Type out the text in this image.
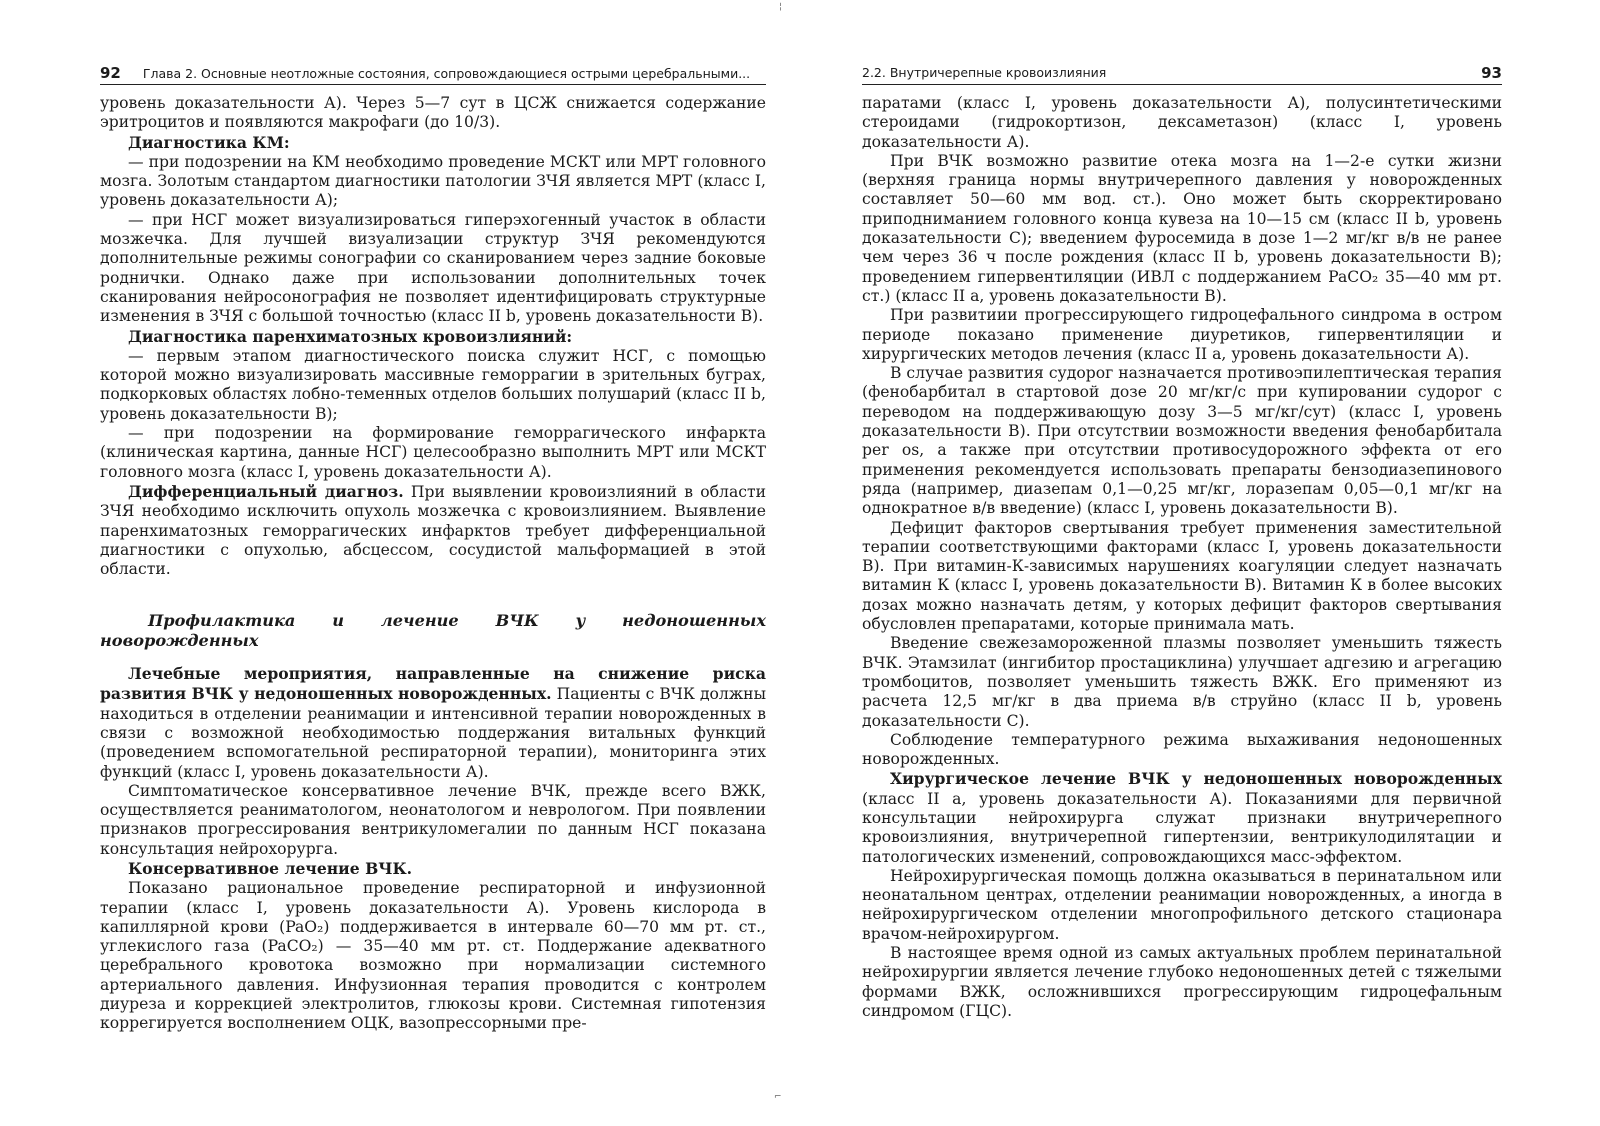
92 Глава 2. Основные неотложные состояния, сопровождающиеся острыми церебральными...

уровень доказательности А). Через 5—7 сут в ЦСЖ снижается содержание эритроцитов и появляются макрофаги (до 10/3).

Диагностика КМ:

— при подозрении на КМ необходимо проведение МСКТ или МРТ головного мозга. Золотым стандартом диагностики патологии ЗЧЯ является МРТ (класс I, уровень доказательности А);

— при НСГ может визуализироваться гиперэхогенный участок в области мозжечка. Для лучшей визуализации структур ЗЧЯ рекомендуются дополнительные режимы сонографии со сканированием через задние боковые роднички. Однако даже при использовании дополнительных точек сканирования нейросонография не позволяет идентифицировать структурные изменения в ЗЧЯ с большой точностью (класс II b, уровень доказательности В).

Диагностика паренхиматозных кровоизлияний:

— первым этапом диагностического поиска служит НСГ, с помощью которой можно визуализировать массивные геморрагии в зрительных буграх, подкорковых областях лобно-теменных отделов больших полушарий (класс II b, уровень доказательности В);

— при подозрении на формирование геморрагического инфаркта (клиническая картина, данные НСГ) целесообразно выполнить МРТ или МСКТ головного мозга (класс I, уровень доказательности А).

Дифференциальный диагноз. При выявлении кровоизлияний в области ЗЧЯ необходимо исключить опухоль мозжечка с кровоизлиянием. Выявление паренхиматозных геморрагических инфарктов требует дифференциальной диагностики с опухолью, абсцессом, сосудистой мальформацией в этой области.

Профилактика и лечение ВЧК у недоношенных новорожденных

Лечебные мероприятия, направленные на снижение риска развития ВЧК у недоношенных новорожденных. Пациенты с ВЧК должны находиться в отделении реанимации и интенсивной терапии новорожденных в связи с возможной необходимостью поддержания витальных функций (проведением вспомогательной респираторной терапии), мониторинга этих функций (класс I, уровень доказательности А).

Симптоматическое консервативное лечение ВЧК, прежде всего ВЖК, осуществляется реаниматологом, неонатологом и неврологом. При появлении признаков прогрессирования вентрикуломегалии по данным НСГ показана консультация нейрохорурга.

Консервативное лечение ВЧК.

Показано рациональное проведение респираторной и инфузионной терапии (класс I, уровень доказательности А). Уровень кислорода в капиллярной крови (PaO₂) поддерживается в интервале 60—70 мм рт. ст., углекислого газа (PaCO₂) — 35—40 мм рт. ст. Поддержание адекватного церебрального кровотока возможно при нормализации системного артериального давления. Инфузионная терапия проводится с контролем диуреза и коррекцией электролитов, глюкозы крови. Системная гипотензия коррегируется восполнением ОЦК, вазопрессорными пре-

¦
⌐
2.2. Внутричерепные кровоизлияния	93

паратами (класс I, уровень доказательности А), полусинтетическими стероидами (гидрокортизон, дексаметазон) (класс I, уровень доказательности А).

При ВЧК возможно развитие отека мозга на 1—2-е сутки жизни (верхняя граница нормы внутричерепного давления у новорожденных составляет 50—60 мм вод. ст.). Оно может быть скорректировано приподниманием головного конца кувеза на 10—15 см (класс II b, уровень доказательности С); введением фуросемида в дозе 1—2 мг/кг в/в не ранее чем через 36 ч после рождения (класс II b, уровень доказательности В); проведением гипервентиляции (ИВЛ с поддержанием PaCO₂ 35—40 мм рт. ст.) (класс II а, уровень доказательности В).

При развитиии прогрессирующего гидроцефального синдрома в остром периоде показано применение диуретиков, гипервентиляции и хирургических методов лечения (класс II а, уровень доказательности А).

В случае развития судорог назначается противоэпилептическая терапия (фенобарбитал в стартовой дозе 20 мг/кг/с при купировании судорог с переводом на поддерживающую дозу 3—5 мг/кг/сут) (класс I, уровень доказательности В). При отсутствии возможности введения фенобарбитала per os, а также при отсутствии противосудорожного эффекта от его применения рекомендуется использовать препараты бензодиазепинового ряда (например, диазепам 0,1—0,25 мг/кг, лоразепам 0,05—0,1 мг/кг на однократное в/в введение) (класс I, уровень доказательности В).

Дефицит факторов свертывания требует применения заместительной терапии соответствующими факторами (класс I, уровень доказательности В). При витамин-К-зависимых нарушениях коагуляции следует назначать витамин К (класс I, уровень доказательности В). Витамин К в более высоких дозах можно назначать детям, у которых дефицит факторов свертывания обусловлен препаратами, которые принимала мать.

Введение свежезамороженной плазмы позволяет уменьшить тяжесть ВЧК. Этамзилат (ингибитор простациклина) улучшает адгезию и агрегацию тромбоцитов, позволяет уменьшить тяжесть ВЖК. Его применяют из расчета 12,5 мг/кг в два приема в/в струйно (класс II b, уровень доказательности С).

Соблюдение температурного режима выхаживания недоношенных новорожденных.

Хирургическое лечение ВЧК у недоношенных новорожденных (класс II а, уровень доказательности А). Показаниями для первичной консультации нейрохирурга служат признаки внутричерепного кровоизлияния, внутричерепной гипертензии, вентрикулодилятации и патологических изменений, сопровождающихся масс-эффектом.

Нейрохирургическая помощь должна оказываться в перинатальном или неонатальном центрах, отделении реанимации новорожденных, а иногда в нейрохирургическом отделении многопрофильного детского стационара врачом-нейрохирургом.

В настоящее время одной из самых актуальных проблем перинатальной нейрохирургии является лечение глубоко недоношенных детей с тяжелыми формами ВЖК, осложнившихся прогрессирующим гидроцефальным синдромом (ГЦС).
